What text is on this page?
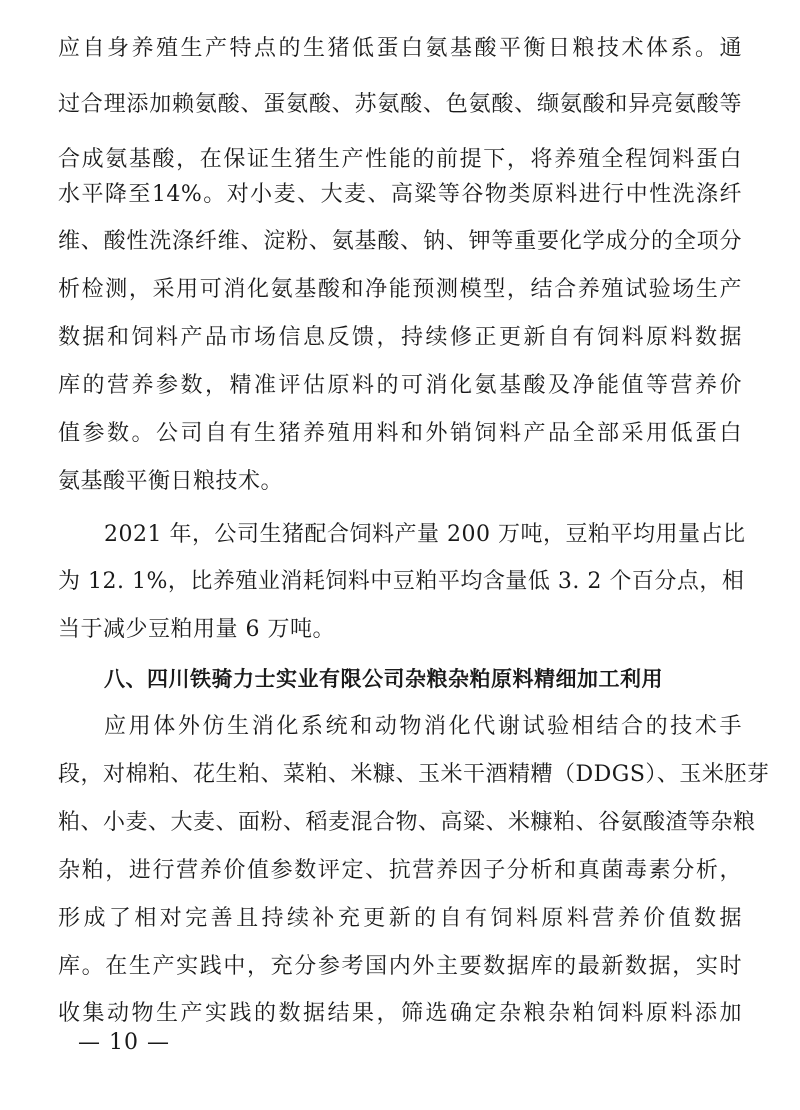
应自身养殖生产特点的生猪低蛋白氨基酸平衡日粮技术体系。通
过合理添加赖氨酸、蛋氨酸、苏氨酸、色氨酸、缬氨酸和异亮氨酸等
合成氨基酸，在保证生猪生产性能的前提下，将养殖全程饲料蛋白
水平降至14%。对小麦、大麦、高粱等谷物类原料进行中性洗涤纤
维、酸性洗涤纤维、淀粉、氨基酸、钠、钾等重要化学成分的全项分
析检测，采用可消化氨基酸和净能预测模型，结合养殖试验场生产
数据和饲料产品市场信息反馈，持续修正更新自有饲料原料数据
库的营养参数，精准评估原料的可消化氨基酸及净能值等营养价
值参数。公司自有生猪养殖用料和外销饲料产品全部采用低蛋白
氨基酸平衡日粮技术。
2021 年，公司生猪配合饲料产量 200 万吨，豆粕平均用量占比
为 12. 1%，比养殖业消耗饲料中豆粕平均含量低 3. 2 个百分点，相
当于减少豆粕用量 6 万吨。
八、四川铁骑力士实业有限公司杂粮杂粕原料精细加工利用
应用体外仿生消化系统和动物消化代谢试验相结合的技术手
段，对棉粕、花生粕、菜粕、米糠、玉米干酒精糟（DDGS）、玉米胚芽
粕、小麦、大麦、面粉、稻麦混合物、高粱、米糠粕、谷氨酸渣等杂粮
杂粕，进行营养价值参数评定、抗营养因子分析和真菌毒素分析，
形成了相对完善且持续补充更新的自有饲料原料营养价值数据
库。在生产实践中，充分参考国内外主要数据库的最新数据，实时
收集动物生产实践的数据结果，筛选确定杂粮杂粕饲料原料添加
— 10 —
